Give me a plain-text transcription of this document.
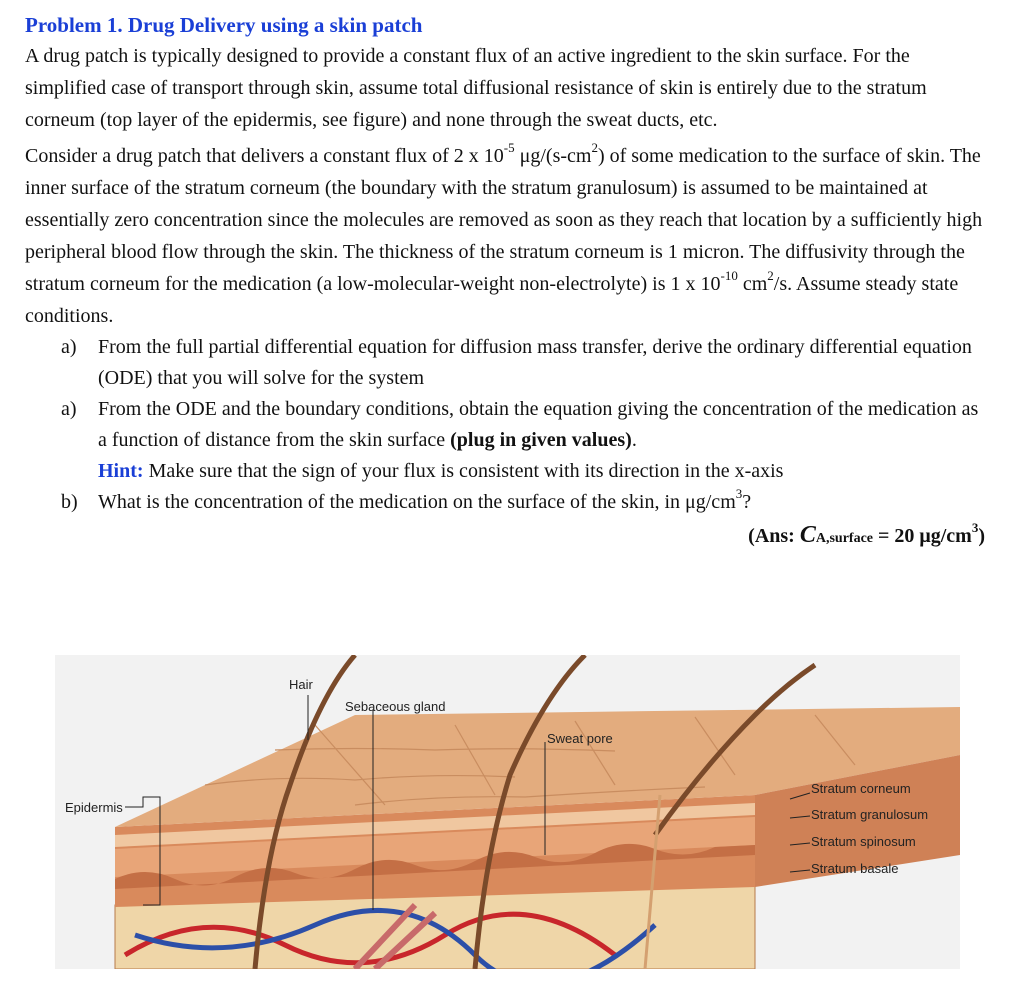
Problem 1. Drug Delivery using a skin patch

A drug patch is typically designed to provide a constant flux of an active ingredient to the skin surface. For the simplified case of transport through skin, assume total diffusional resistance of skin is entirely due to the stratum corneum (top layer of the epidermis, see figure) and none through the sweat ducts, etc.

Consider a drug patch that delivers a constant flux of 2 x $10^{-5}$ $\mu g/(s-cm^2)$ of some medication to the surface of skin. The inner surface of the stratum corneum (the boundary with the stratum granulosum) is assumed to be maintained at essentially zero concentration since the molecules are removed as soon as they reach that location by a sufficiently high peripheral blood flow through the skin. The thickness of the stratum corneum is 1 micron. The diffusivity through the stratum corneum for the medication (a low-molecular-weight non-electrolyte) is 1 x $10^{-10}$ $cm^2/s$. Assume steady state conditions.

a) From the full partial differential equation for diffusion mass transfer, derive the ordinary differential equation (ODE) that you will solve for the system
a) From the ODE and the boundary conditions, obtain the equation giving the concentration of the medication as a function of distance from the skin surface (plug in given values).
Hint: Make sure that the sign of your flux is consistent with its direction in the x-axis
b) What is the concentration of the medication on the surface of the skin, in $\mu g/cm^3$?
(Ans: CA,surface = 20 $\mu g/cm^3$)
Hair
Sebaceous gland
Sweat pore
Epidermis
Stratum corneum
Stratum granulosum
Stratum spinosum
Stratum basale
